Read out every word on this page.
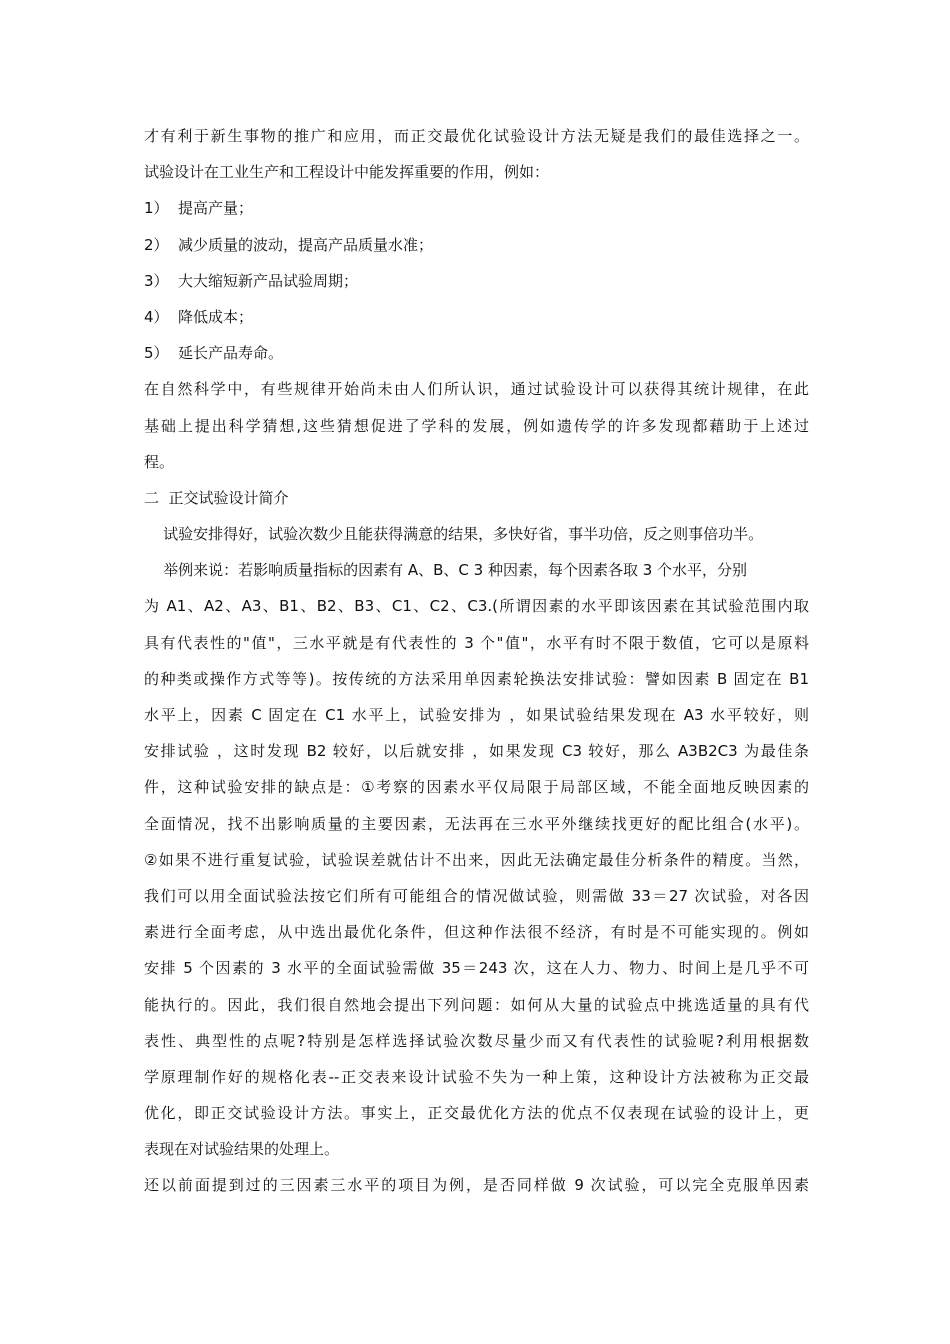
才有利于新生事物的推广和应用，而正交最优化试验设计方法无疑是我们的最佳选择之一。
试验设计在工业生产和工程设计中能发挥重要的作用，例如：
1） 提高产量；
2） 减少质量的波动，提高产品质量水准；
3） 大大缩短新产品试验周期；
4） 降低成本；
5） 延长产品寿命。
在自然科学中，有些规律开始尚未由人们所认识，通过试验设计可以获得其统计规律，在此
基础上提出科学猜想,这些猜想促进了学科的发展，例如遗传学的许多发现都藉助于上述过
程。
二  正交试验设计简介
试验安排得好，试验次数少且能获得满意的结果，多快好省，事半功倍，反之则事倍功半。
举例来说：若影响质量指标的因素有 A、B、C 3 种因素，每个因素各取 3 个水平，分别
为 A1、A2、A3、B1、B2、B3、C1、C2、C3.(所谓因素的水平即该因素在其试验范围内取
具有代表性的"值"，三水平就是有代表性的 3 个"值"，水平有时不限于数值，它可以是原料
的种类或操作方式等等)。按传统的方法采用单因素轮换法安排试验：譬如因素 B 固定在 B1
水平上，因素 C 固定在 C1 水平上，试验安排为 ，如果试验结果发现在 A3 水平较好，则
安排试验 ，这时发现 B2 较好，以后就安排 ，如果发现 C3 较好，那么 A3B2C3 为最佳条
件，这种试验安排的缺点是：①考察的因素水平仅局限于局部区域，不能全面地反映因素的
全面情况，找不出影响质量的主要因素，无法再在三水平外继续找更好的配比组合(水平)。
②如果不进行重复试验，试验误差就估计不出来，因此无法确定最佳分析条件的精度。当然，
我们可以用全面试验法按它们所有可能组合的情况做试验，则需做 33＝27 次试验，对各因
素进行全面考虑，从中选出最优化条件，但这种作法很不经济，有时是不可能实现的。例如
安排 5 个因素的 3 水平的全面试验需做 35＝243 次，这在人力、物力、时间上是几乎不可
能执行的。因此，我们很自然地会提出下列问题：如何从大量的试验点中挑选适量的具有代
表性、典型性的点呢?特别是怎样选择试验次数尽量少而又有代表性的试验呢?利用根据数
学原理制作好的规格化表--正交表来设计试验不失为一种上策，这种设计方法被称为正交最
优化，即正交试验设计方法。事实上，正交最优化方法的优点不仅表现在试验的设计上，更
表现在对试验结果的处理上。
还以前面提到过的三因素三水平的项目为例，是否同样做 9 次试验，可以完全克服单因素
